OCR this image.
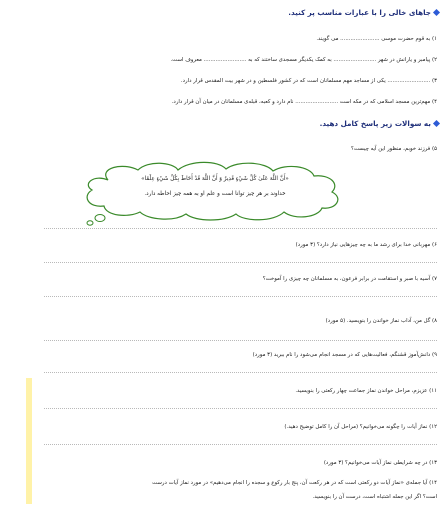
جاهای خالی را با عبارات مناسب پر کنید.
۱) به قوم حضرت موسی ....................... می گویند.
۲) پیامبر و یارانش در شهر ......................... به کمک یکدیگر مسجدی ساختند که به ......................... معروف است.
۳) ......................... یکی از مساجد مهم مسلمانان است که در کشور فلسطین و در شهر بیت المقدس قرار دارد.
۴) مهم‌ترین مسجد اسلامی که در مکه است ......................... نام دارد و کعبه، قبله‌ی مسلمانان در میان آن قرار دارد.
به سوالات زیر پاسخ کامل دهید.
۵) فرزند خوبم، منظور این آیه چیست؟
«أَنَّ اللَّهَ عَلَىٰ كُلِّ شَيْءٍ قَدِيرٌ وَ أَنَّ اللَّهَ قَدْ أَحَاطَ بِكُلِّ شَيْءٍ عِلْمًا»
خداوند بر هر چیز توانا است و علم او به همه چیز احاطه دارد.
۶) مهربانی خدا برای رشد ما به چه چیزهایی نیاز دارد؟ (۳ مورد)
۷) آسیه با صبر و استقامت در برابر فرعون، به مسلمانان چه چیزی را آموخت؟
۸) گل من، آداب نماز خواندن را بنویسید. (۵ مورد)
۹) دانش‌آموز قشنگم، فعالیت‌هایی که در مسجد انجام می‌شود را نام ببرید (۳ مورد)
۱۱) عزیزم، مراحل خواندن نماز جماعت چهار رکعتی را بنویسید.
۱۲) نماز آیات را چگونه می‌خوانیم؟ (مراحل آن را کامل توضیح دهید.)
۱۳) در چه شرایطی نماز آیات می‌خوانیم؟ (۳ مورد)
۱۴) آیا جمله‌ی «نماز آیات دو رکعتی است که در هر رکعت آن، پنج بار رکوع و سجده را انجام می‌دهیم» در مورد نماز آیات درست
است؟ اگر این جمله اشتباه است، درست آن را بنویسید.
